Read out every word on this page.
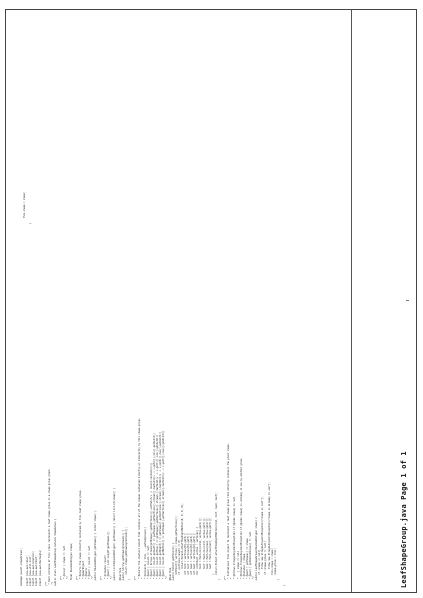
LeafShapeGroup.java Page 1 of 1
package pucall.shapeGroups; import java.awt.Color; import java.util.List; import java.awt.Graphics; import java.awt.Point; import java.awt.Rectangle; /** * Each instance of this class represents a leaf shape group in a shape group graph. */ public class LeafShapeGroup extends ShapeGroup { /** * @invar | shape != null */ final RoundedPolygon shape; /** * Returns the shape directly contained by this leaf shape group. * @peerObject * @basic * @post | result != null */ public RoundedPolygon getShape() { return shape; } /** * @creates result * @post | List.copyOf(getShapes()) */ public List<RoundedPolygon> getShapes() { return List.of(shape); } @Override public String getDrawingCommands() { return shape.getDrawingCommands(); } /** * Returns the smallest extent that contains all of the shapes contained directly or indirectly by this shape group. * * @inspects | this, ...getSubgroups() * @post | result != null * @post | Arrays.stream(getShape().getVertices()).allMatch(v -> result.contains(v)) * @post | result.getLeft() == getShape().getVertices().stream().mapToInt(v -> v.getX()).min().getAsInt() * @post | result.getTop() == getShape().getVertices().stream().mapToInt(v -> v.getY()).min().getAsInt() * @post | result.getRight() == getShape().getVertices().stream().mapToInt(v -> v.getX()).max().getAsInt() * @post | result.getBottom() == getShape().getVertices().stream().mapToInt(v -> v.getY()).max().getAsInt() */ @Override public Extent getExtent() { IntPoint[] vertices = shape.getVertices(); if (vertices.length == 0) return Extent.ofLeftTopRightBottom(0, 0, 0, 0); int minX = vertices[0].getX(); int minY = vertices[0].getY(); int maxX = vertices[0].getX(); int maxY = vertices[0].getY(); for (IntPoint vertex : vertices) { minX = Math.min(minX, vertex.getX()); minY = Math.min(minY, vertex.getY()); maxX = Math.max(maxX, vertex.getX()); maxY = Math.max(maxY, vertex.getY()); } return Extent.ofLeftTopRightBottom(minX, minY, maxX, maxY); } /** * Initializes this object to represent a leaf shape group that directly contains the given shape. * * @throws IllegalArgumentException if {@code shape} is null *    | shape == null * @throws IllegalArgumentException if {@code shape} is already in use by another group * @mutates | shape * @post | getShape() == shape * @post | getParentGroup() == null */ public LeafShapeGroup(RoundedPolygon shape) { if (shape == null) throw new IllegalArgumentException("shape is null"); if (shape.group != null) throw new IllegalArgumentException("shape is already in use"); this.shape = shape; shape.group = this; } }
this.shape = shape; }
